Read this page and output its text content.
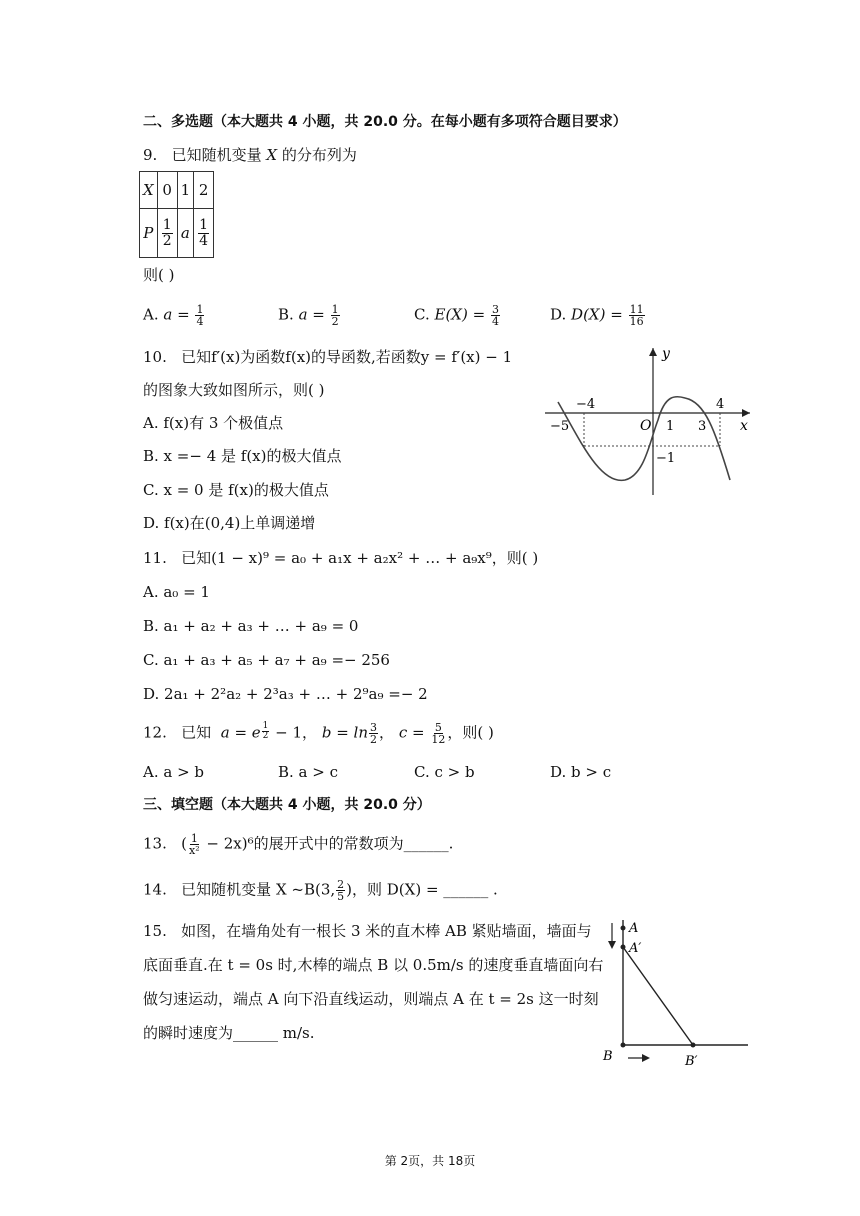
二、多选题（本大题共 4 小题，共 20.0 分。在每小题有多项符合题目要求）
9. 已知随机变量 X 的分布列为
X	0	1	2
P	$\frac{1}{2}$	a	$\frac{1}{4}$
则( )
A. $a = \frac{1}{4}$	B. $a = \frac{1}{2}$	C. $E(X) = \frac{3}{4}$	D. $D(X) = \frac{11}{16}$
10. 已知f′(x)为函数f(x)的导函数,若函数y = f′(x) − 1
的图象大致如图所示，则( )
A. f(x)有 3 个极值点
B. x =− 4 是 f(x)的极大值点
C. x = 0 是 f(x)的极大值点
D. f(x)在(0,4)上单调递增
y
x
O
−4
−5	1 3
4
−1
11. 已知(1 − x)⁹ = a₀ + a₁x + a₂x² + … + a₉x⁹，则( )
A. a₀ = 1
B. a₁ + a₂ + a₃ + … + a₉ = 0
C. a₁ + a₃ + a₅ + a₇ + a₉ =− 256
D. 2a₁ + 2²a₂ + 2³a₃ + … + 2⁹a₉ =− 2
12. 已知 a = e $^{\frac{1}{2}}$ − 1， $b = \ln \frac{3}{2}$ ， $c = \frac{5}{12}$ ，则( )
A. a > b	B. a > c	C. c > b	D. b > c
三、填空题（本大题共 4 小题，共 20.0 分）
13. ( $\frac{1}{\text{x²}} - 2x)^6$的展开式中的常数项为______.
14. 已知随机变量 X ~B(3, $\frac{2}{5}$ )，则 D(X) = ______ .
15. 如图，在墙角处有一根长 3 米的直木棒 AB 紧贴墙面，墙面与
底面垂直.在 t = 0s 时,木棒的端点 B 以 0.5m/s 的速度垂直墙面向右
做匀速运动，端点 A 向下沿直线运动，则端点 A 在 t = 2s 这一时刻
的瞬时速度为______ m/s.
A
A′
B	B′
第 2页，共 18页
